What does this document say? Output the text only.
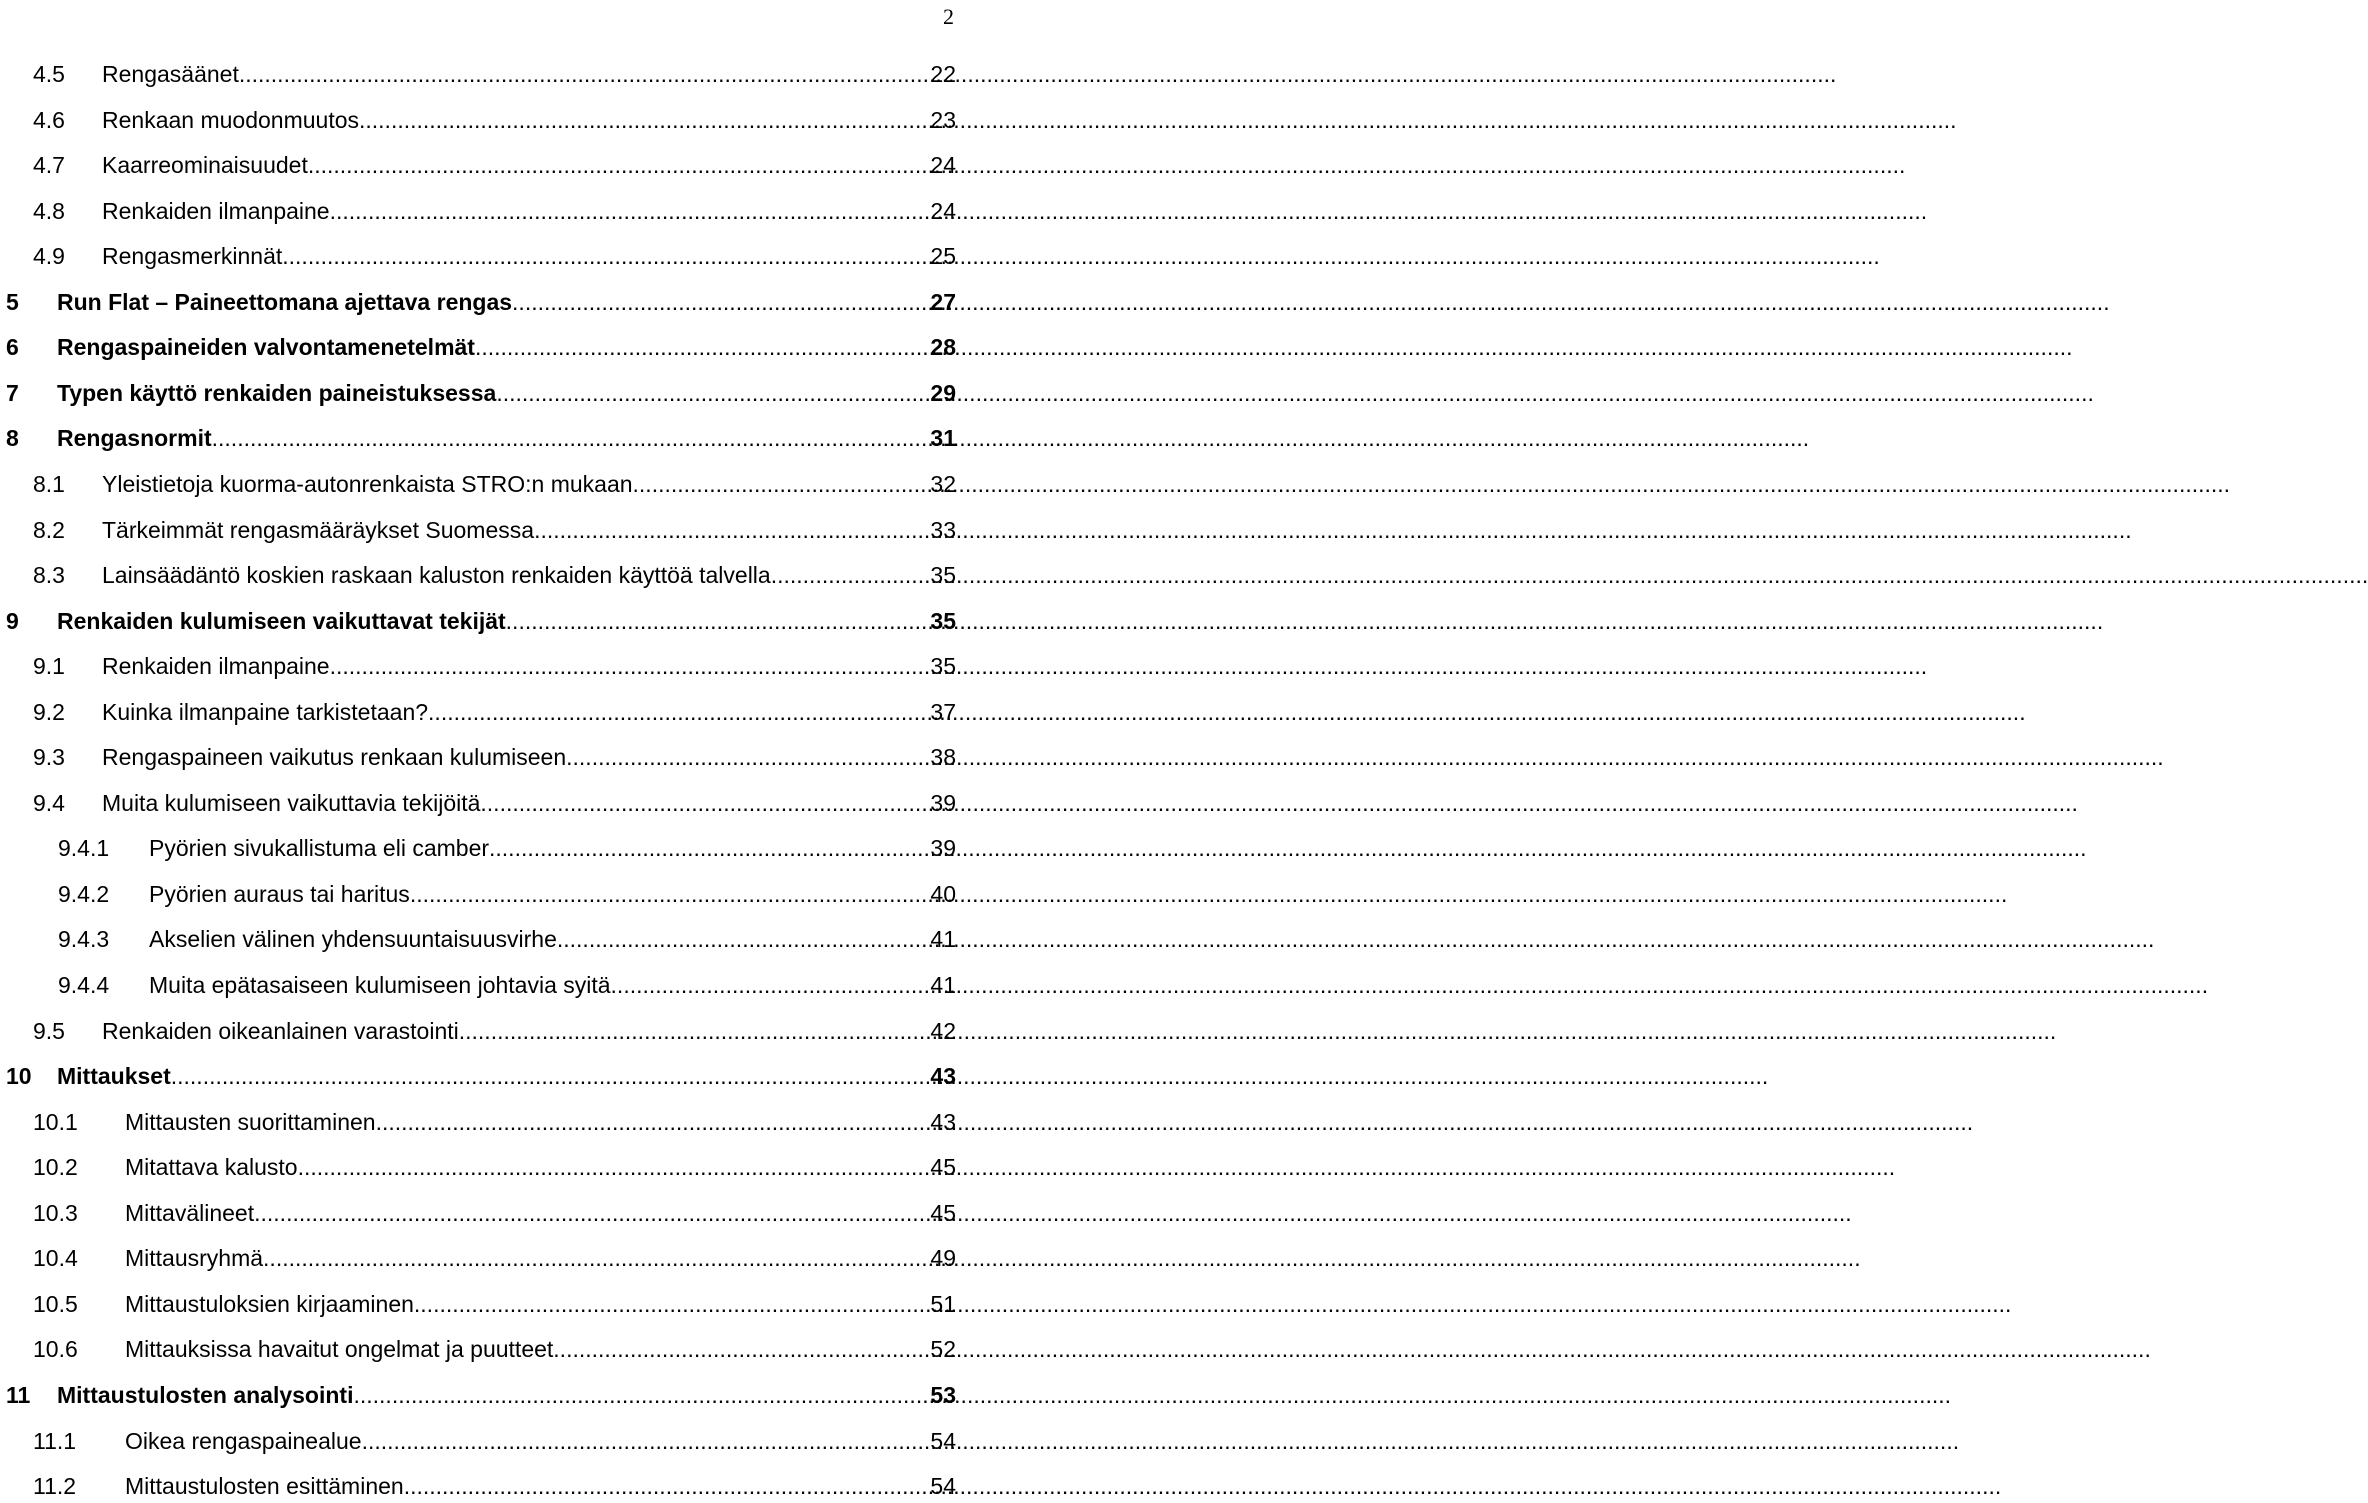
2
4.5	Rengasäänet .....	22
4.6	Renkaan muodonmuutos .....	23
4.7	Kaarreominaisuudet .....	24
4.8	Renkaiden ilmanpaine .....	24
4.9	Rengasmerkinnät .....	25
5	Run Flat – Paineettomana ajettava rengas .....	27
6	Rengaspaineiden valvontamenetelmät .....	28
7	Typen käyttö renkaiden paineistuksessa .....	29
8	Rengasnormit .....	31
8.1	Yleistietoja kuorma-autonrenkaista STRO:n mukaan .....	32
8.2	Tärkeimmät rengasmääräykset Suomessa .....	33
8.3	Lainsäädäntö koskien raskaan kaluston renkaiden käyttöä talvella .....	35
9	Renkaiden kulumiseen vaikuttavat tekijät .....	35
9.1	Renkaiden ilmanpaine .....	35
9.2	Kuinka ilmanpaine tarkistetaan? .....	37
9.3	Rengaspaineen vaikutus renkaan kulumiseen .....	38
9.4	Muita kulumiseen vaikuttavia tekijöitä .....	39
9.4.1	Pyörien sivukallistuma eli camber .....	39
9.4.2	Pyörien auraus tai haritus .....	40
9.4.3	Akselien välinen yhdensuuntaisuusvirhe .....	41
9.4.4	Muita epätasaiseen kulumiseen johtavia syitä .....	41
9.5	Renkaiden oikeanlainen varastointi .....	42
10	Mittaukset .....	43
10.1	Mittausten suorittaminen .....	43
10.2	Mitattava kalusto .....	45
10.3	Mittavälineet .....	45
10.4	Mittausryhmä .....	49
10.5	Mittaustuloksien kirjaaminen .....	51
10.6	Mittauksissa havaitut ongelmat ja puutteet .....	52
11	Mittaustulosten analysointi .....	53
11.1	Oikea rengaspainealue .....	54
11.2	Mittaustulosten esittäminen .....	54
